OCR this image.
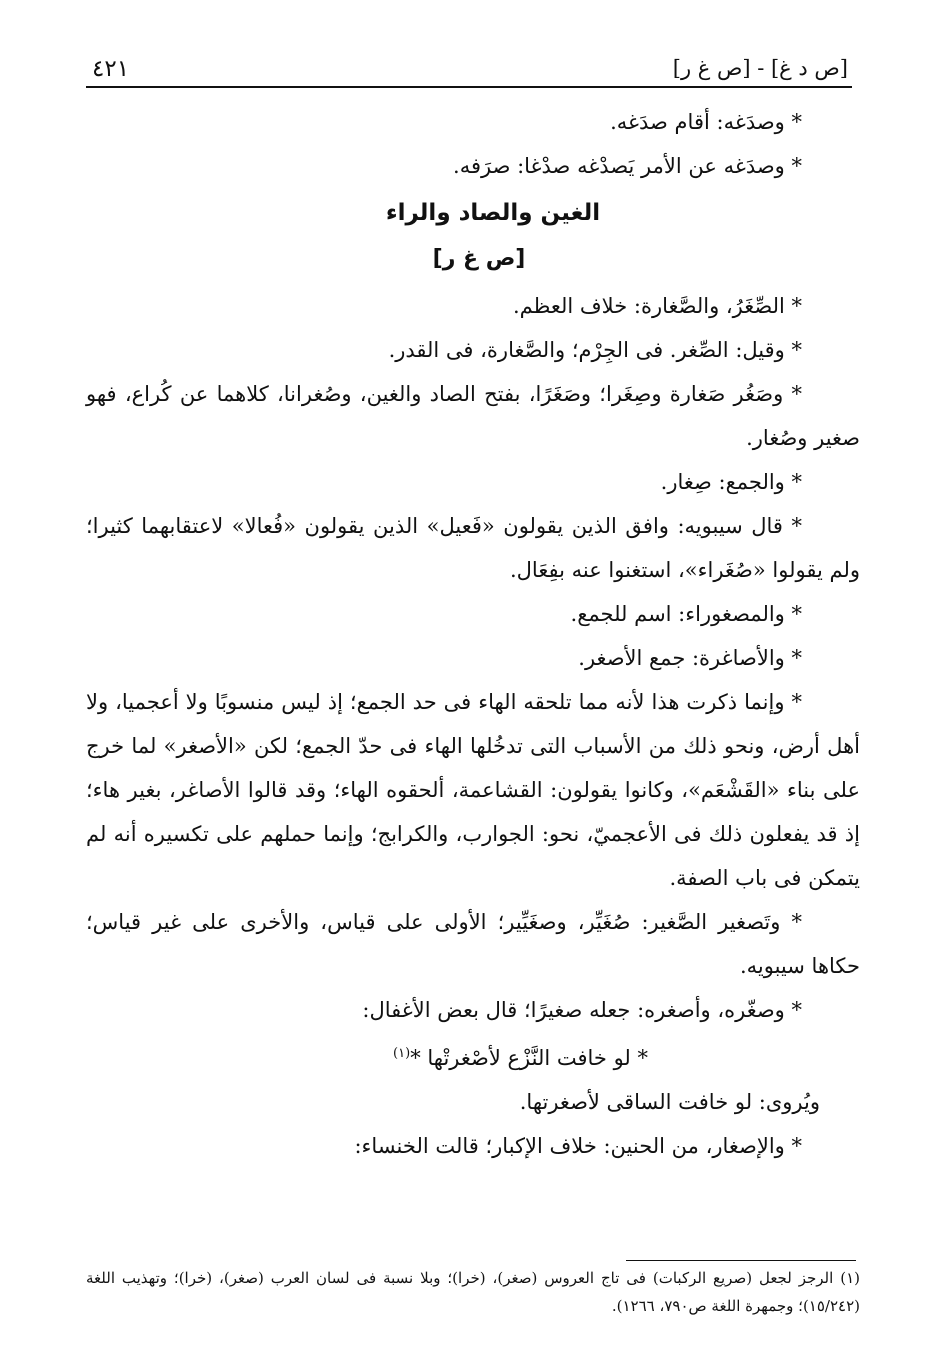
[ص د غ] - [ص غ ر]
٤٢١

* وصدَغه: أقام صدَغه.

* وصدَغه عن الأمر يَصدْغه صدْغا: صرَفه.

الغين والصاد والراء
[ص غ ر]

* الصِّغَرُ، والصَّغارة: خلاف العظم.

* وقيل: الصِّغر. فى الجِرْم؛ والصَّغارة، فى القدر.

* وصَغُر صَغارة وصِغَرا؛ وصَغَرًا، بفتح الصاد والغين، وصُغرانا، كلاهما عن كُراع، فهو صغير وصُغار.

* والجمع: صِغار.

* قال سيبويه: وافق الذين يقولون «فَعيل» الذين يقولون «فُعالا» لاعتقابهما كثيرا؛ ولم يقولوا «صُغَراء»، استغنوا عنه بفِعَال.

* والمصغوراء: اسم للجمع.

* والأصاغرة: جمع الأصغر.

* وإنما ذكرت هذا لأنه مما تلحقه الهاء فى حد الجمع؛ إذ ليس منسوبًا ولا أعجميا، ولا أهل أرض، ونحو ذلك من الأسباب التى تدخُلها الهاء فى حدّ الجمع؛ لكن «الأصغر» لما خرج على بناء «القَشْعَم»، وكانوا يقولون: القشاعمة، ألحقوه الهاء؛ وقد قالوا الأصاغر، بغير هاء؛ إذ قد يفعلون ذلك فى الأعجميّ، نحو: الجوارب، والكرابج؛ وإنما حملهم على تكسيره أنه لم يتمكن فى باب الصفة.

* وتَصغير الصَّغير: صُغَيِّر، وصغَيِّير؛ الأولى على قياس، والأخرى على غير قياس؛ حكاها سيبويه.

* وصغّره، وأصغره: جعله صغيرًا؛ قال بعض الأغفال:

* لو خافت النَّزْع لأصْغرتْها *$^{(١)}$

ويُروى: لو خافت الساقى لأصغرتها.

* والإصغار، من الحنين: خلاف الإكبار؛ قالت الخنساء:

(١) الرجز لجعل (صريع الركبات) فى تاج العروس (صغر)، (خرا)؛ وبلا نسبة فى لسان العرب (صغر)، (خرا)؛ وتهذيب اللغة (١٥/٢٤٢)؛ وجمهرة اللغة ص٧٩٠، ١٢٦٦).
